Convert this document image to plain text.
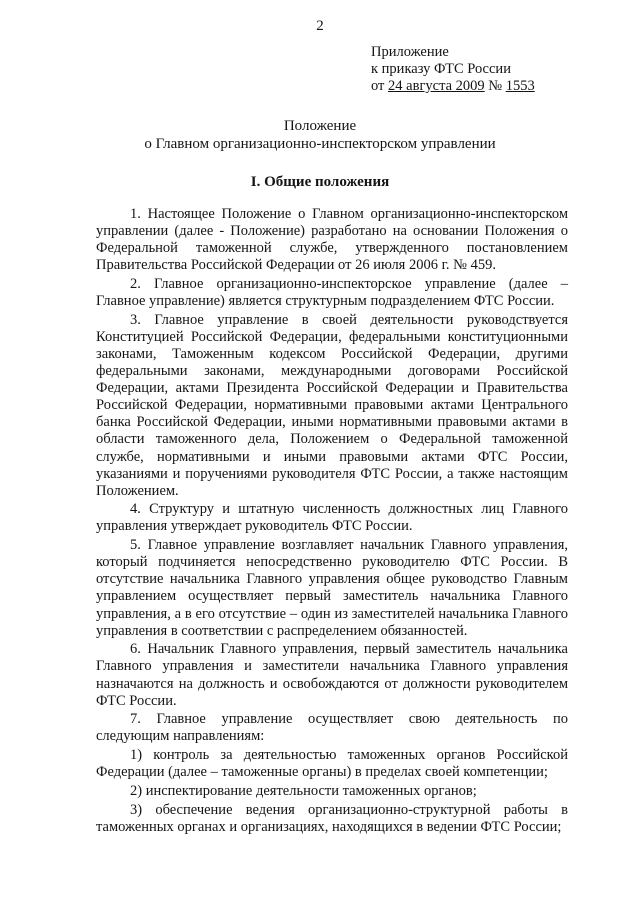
2
Приложение
к приказу ФТС России
от 24 августа 2009 № 1553
Положение
о Главном организационно-инспекторском управлении
I. Общие положения

1. Настоящее Положение о Главном организационно-инспекторском управлении (далее - Положение) разработано на основании Положения о Федеральной таможенной службе, утвержденного постановлением Правительства Российской Федерации от 26 июля 2006 г. № 459.

2. Главное организационно-инспекторское управление (далее – Главное управление) является структурным подразделением ФТС России.

3. Главное управление в своей деятельности руководствуется Конституцией Российской Федерации, федеральными конституционными законами, Таможенным кодексом Российской Федерации, другими федеральными законами, международными договорами Российской Федерации, актами Президента Российской Федерации и Правительства Российской Федерации, нормативными правовыми актами Центрального банка Российской Федерации, иными нормативными правовыми актами в области таможенного дела, Положением о Федеральной таможенной службе, нормативными и иными правовыми актами ФТС России, указаниями и поручениями руководителя ФТС России, а также настоящим Положением.

4. Структуру и штатную численность должностных лиц Главного управления утверждает руководитель ФТС России.

5. Главное управление возглавляет начальник Главного управления, который подчиняется непосредственно руководителю ФТС России. В отсутствие начальника Главного управления общее руководство Главным управлением осуществляет первый заместитель начальника Главного управления, а в его отсутствие – один из заместителей начальника Главного управления в соответствии с распределением обязанностей.

6. Начальник Главного управления, первый заместитель начальника Главного управления и заместители начальника Главного управления назначаются на должность и освобождаются от должности руководителем ФТС России.

7. Главное управление осуществляет свою деятельность по следующим направлениям:

1) контроль за деятельностью таможенных органов Российской Федерации (далее – таможенные органы) в пределах своей компетенции;

2) инспектирование деятельности таможенных органов;

3) обеспечение ведения организационно-структурной работы в таможенных органах и организациях, находящихся в ведении ФТС России;
